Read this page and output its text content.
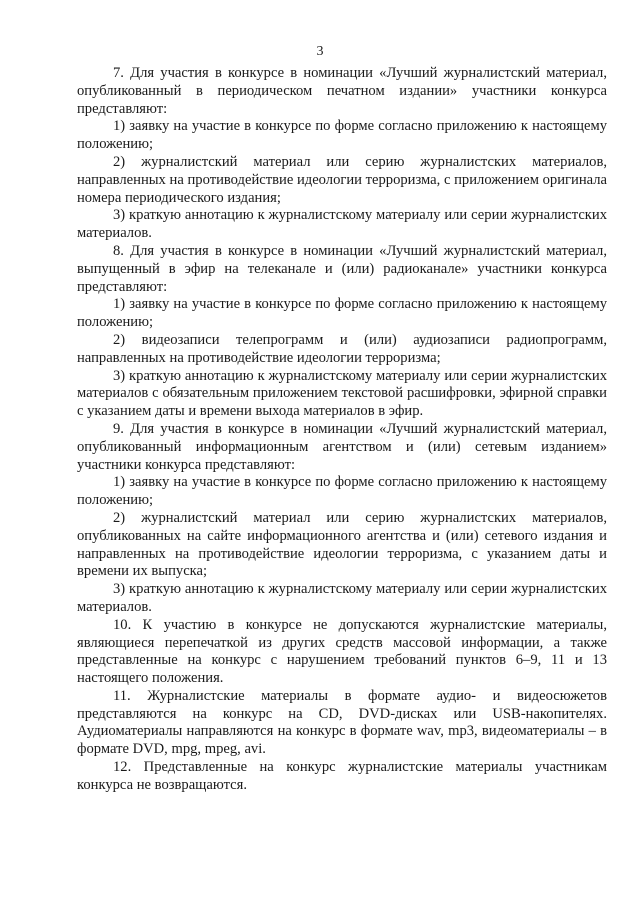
3

7. Для участия в конкурсе в номинации «Лучший журналистский материал, опубликованный в периодическом печатном издании» участники конкурса представляют:

1) заявку на участие в конкурсе по форме согласно приложению к настоящему положению;

2) журналистский материал или серию журналистских материалов, направленных на противодействие идеологии терроризма, с приложением оригинала номера периодического издания;

3) краткую аннотацию к журналистскому материалу или серии журналистских материалов.

8. Для участия в конкурсе в номинации «Лучший журналистский материал, выпущенный в эфир на телеканале и (или) радиоканале» участники конкурса представляют:

1) заявку на участие в конкурсе по форме согласно приложению к настоящему положению;

2) видеозаписи телепрограмм и (или) аудиозаписи радиопрограмм, направленных на противодействие идеологии терроризма;

3) краткую аннотацию к журналистскому материалу или серии журналистских материалов с обязательным приложением текстовой расшифровки, эфирной справки с указанием даты и времени выхода материалов в эфир.

9. Для участия в конкурсе в номинации «Лучший журналистский материал, опубликованный информационным агентством и (или) сетевым изданием» участники конкурса представляют:

1) заявку на участие в конкурсе по форме согласно приложению к настоящему положению;

2) журналистский материал или серию журналистских материалов, опубликованных на сайте информационного агентства и (или) сетевого издания и направленных на противодействие идеологии терроризма, с указанием даты и времени их выпуска;

3) краткую аннотацию к журналистскому материалу или серии журналистских материалов.

10. К участию в конкурсе не допускаются журналистские материалы, являющиеся перепечаткой из других средств массовой информации, а также представленные на конкурс с нарушением требований пунктов 6–9, 11 и 13 настоящего положения.

11. Журналистские материалы в формате аудио- и видеосюжетов представляются на конкурс на CD, DVD-дисках или USB-накопителях. Аудиоматериалы направляются на конкурс в формате wav, mp3, видеоматериалы – в формате DVD, mpg, mpeg, avi.

12. Представленные на конкурс журналистские материалы участникам конкурса не возвращаются.
